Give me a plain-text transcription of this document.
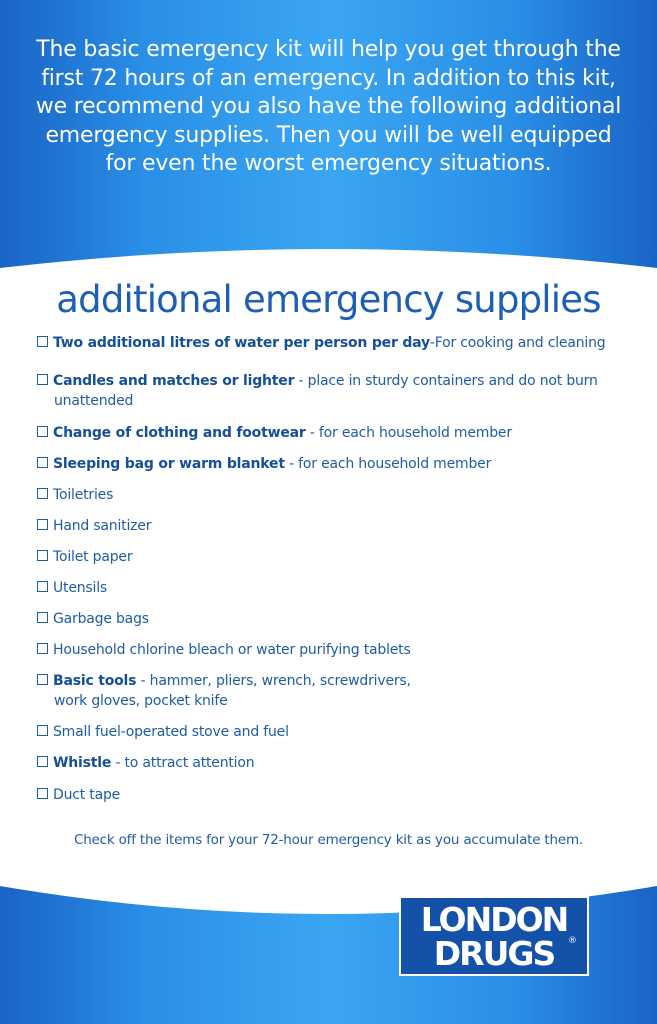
The basic emergency kit will help you get through the
first 72 hours of an emergency. In addition to this kit,
we recommend you also have the following additional
emergency supplies. Then you will be well equipped
for even the worst emergency situations.
additional emergency supplies
Two additional litres of water per person per day-For cooking and cleaning
Candles and matches or lighter - place in sturdy containers and do not burn
unattended
Change of clothing and footwear - for each household member
Sleeping bag or warm blanket - for each household member
Toiletries
Hand sanitizer
Toilet paper
Utensils
Garbage bags
Household chlorine bleach or water purifying tablets
Basic tools - hammer, pliers, wrench, screwdrivers,
work gloves, pocket knife
Small fuel-operated stove and fuel
Whistle - to attract attention
Duct tape
Check off the items for your 72-hour emergency kit as you accumulate them.
LONDON
DRUGS	®
